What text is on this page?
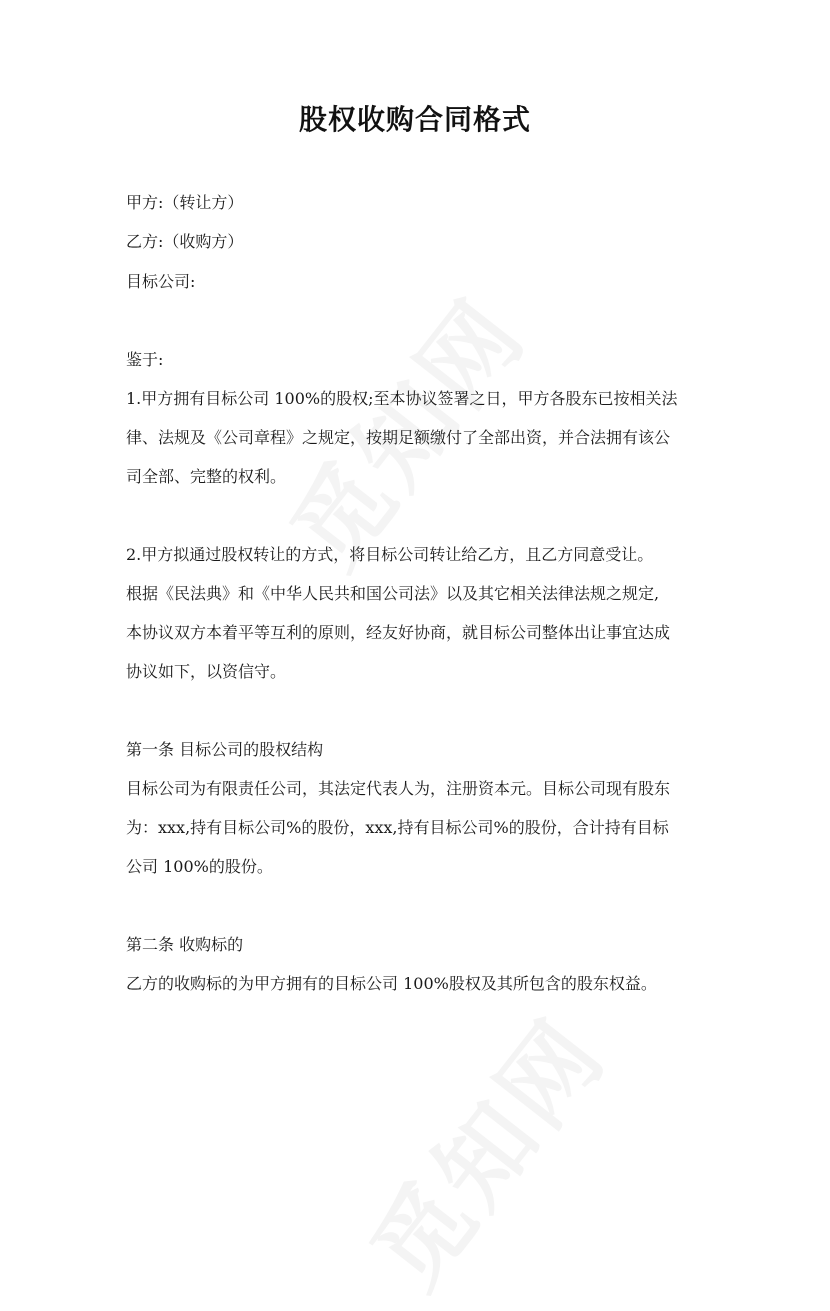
股权收购合同格式
甲方:（转让方）
乙方:（收购方）
目标公司:
鉴于:
1.甲方拥有目标公司 100%的股权;至本协议签署之日，甲方各股东已按相关法
律、法规及《公司章程》之规定，按期足额缴付了全部出资，并合法拥有该公
司全部、完整的权利。
2.甲方拟通过股权转让的方式，将目标公司转让给乙方，且乙方同意受让。
根据《民法典》和《中华人民共和国公司法》以及其它相关法律法规之规定,
本协议双方本着平等互利的原则，经友好协商，就目标公司整体出让事宜达成
协议如下，以资信守。
第一条 目标公司的股权结构
目标公司为有限责任公司，其法定代表人为，注册资本元。目标公司现有股东
为：xxx,持有目标公司%的股份，xxx,持有目标公司%的股份，合计持有目标
公司 100%的股份。
第二条 收购标的
乙方的收购标的为甲方拥有的目标公司 100%股权及其所包含的股东权益。
